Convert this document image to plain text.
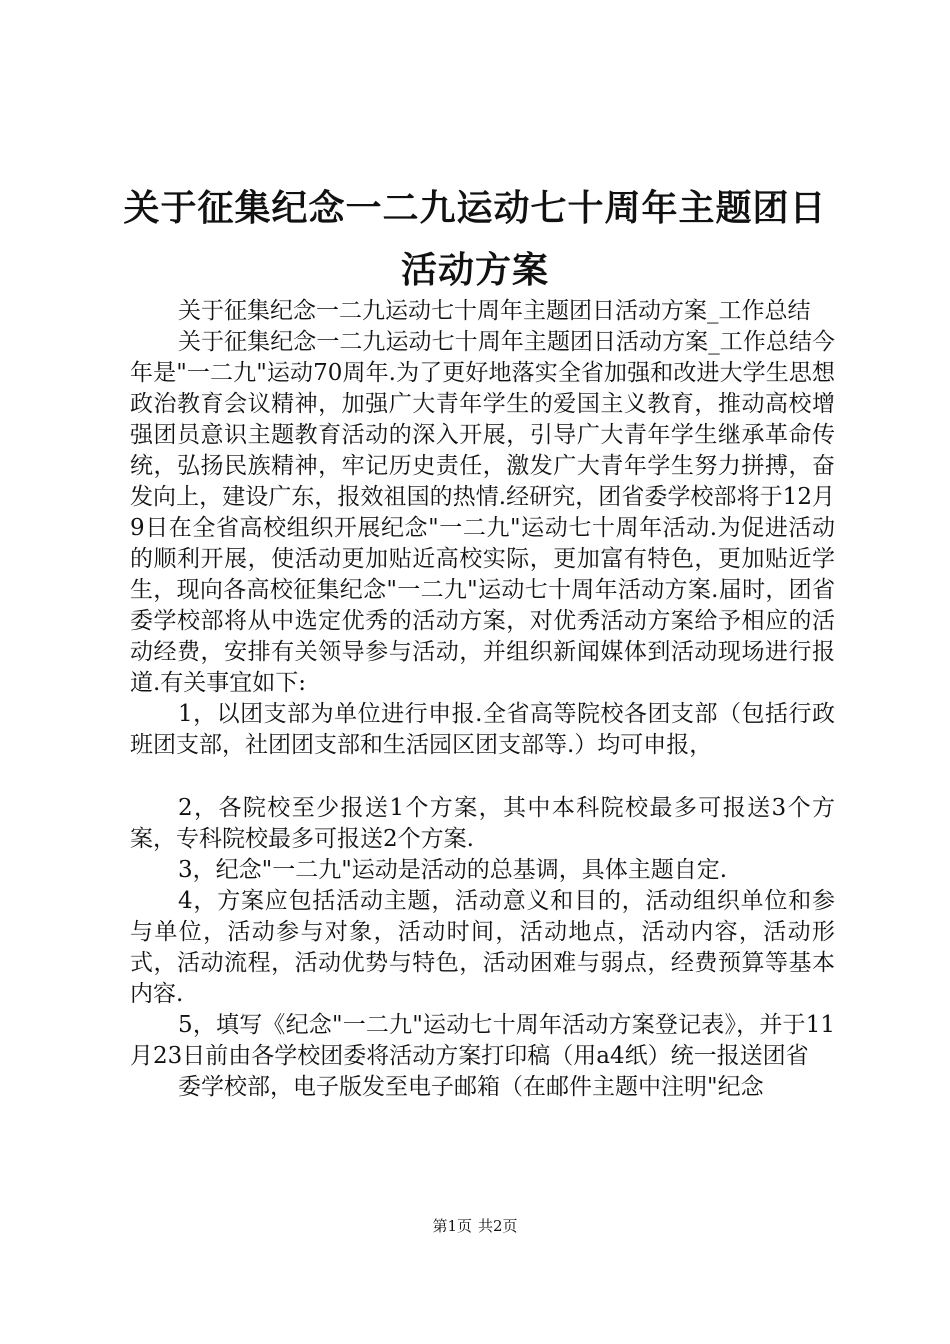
关于征集纪念一二九运动七十周年主题团日活动方案

关于征集纪念一二九运动七十周年主题团日活动方案_工作总结

关于征集纪念一二九运动七十周年主题团日活动方案_工作总结今年是"一二九"运动70周年.为了更好地落实全省加强和改进大学生思想政治教育会议精神，加强广大青年学生的爱国主义教育，推动高校增强团员意识主题教育活动的深入开展，引导广大青年学生继承革命传统，弘扬民族精神，牢记历史责任，激发广大青年学生努力拼搏，奋发向上，建设广东，报效祖国的热情.经研究，团省委学校部将于12月9日在全省高校组织开展纪念"一二九"运动七十周年活动.为促进活动的顺利开展，使活动更加贴近高校实际，更加富有特色，更加贴近学生，现向各高校征集纪念"一二九"运动七十周年活动方案.届时，团省委学校部将从中选定优秀的活动方案，对优秀活动方案给予相应的活动经费，安排有关领导参与活动，并组织新闻媒体到活动现场进行报道.有关事宜如下:

1，以团支部为单位进行申报.全省高等院校各团支部（包括行政班团支部，社团团支部和生活园区团支部等.）均可申报，

2，各院校至少报送1个方案，其中本科院校最多可报送3个方案，专科院校最多可报送2个方案.

3，纪念"一二九"运动是活动的总基调，具体主题自定.

4，方案应包括活动主题，活动意义和目的，活动组织单位和参与单位，活动参与对象，活动时间，活动地点，活动内容，活动形式，活动流程，活动优势与特色，活动困难与弱点，经费预算等基本内容.

5，填写《纪念"一二九"运动七十周年活动方案登记表》，并于11月23日前由各学校团委将活动方案打印稿（用a4纸）统一报送团省

委学校部，电子版发至电子邮箱（在邮件主题中注明"纪念

第1页 共2页
